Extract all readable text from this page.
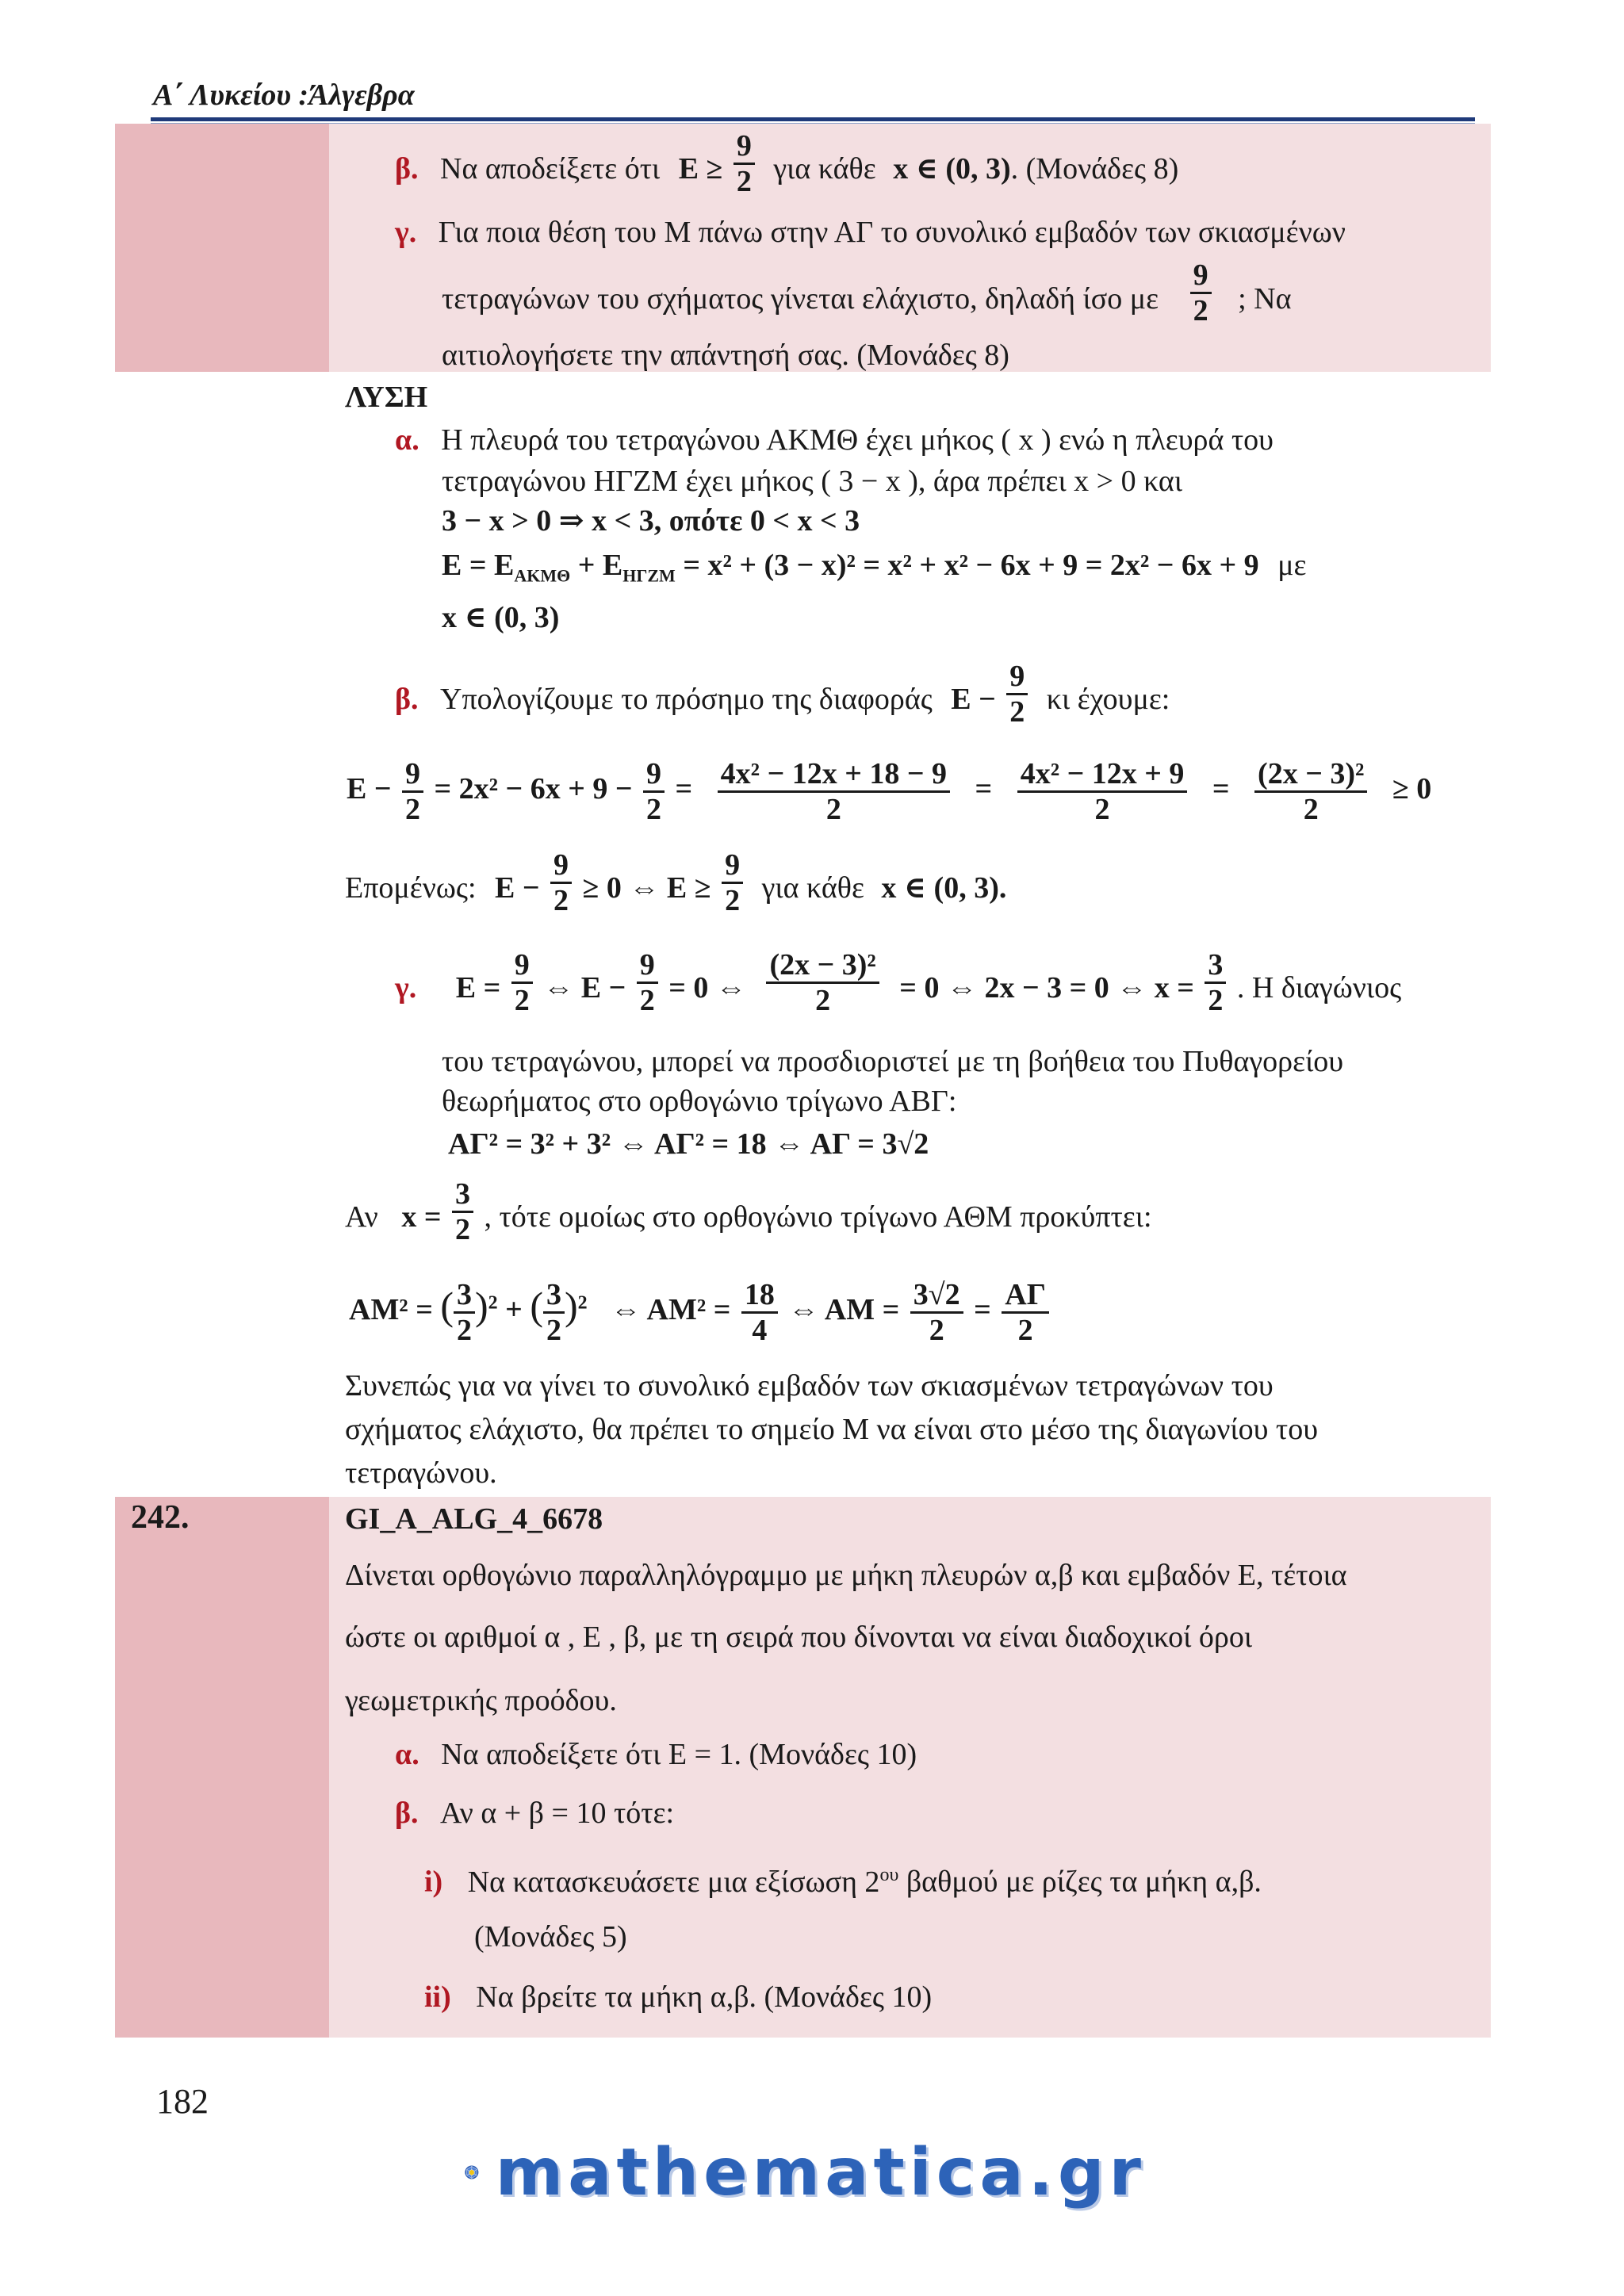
Α΄ Λυκείου :Άλγεβρα
β. Να αποδείξετε ότι $E \ge \frac{9}{2}$ για κάθε x ∈ (0, 3). (Μονάδες 8)
γ. Για ποια θέση του Μ πάνω στην ΑΓ το συνολικό εμβαδόν των σκιασμένων
τετραγώνων του σχήματος γίνεται ελάχιστο, δηλαδή ίσο με $\frac{9}{2}$ ; Να
αιτιολογήσετε την απάντησή σας. (Μονάδες 8)
ΛΥΣΗ
α. Η πλευρά του τετραγώνου ΑΚΜΘ έχει μήκος ( x ) ενώ η πλευρά του
τετραγώνου ΗΓΖΜ έχει μήκος ( 3 − x ), άρα πρέπει x > 0 και
3 − x > 0 ⇒ x < 3, οπότε 0 < x < 3
$E = E_{AKM\Theta} + E_{H\Gamma ZM} = x^2 + (3 - x)^2 = x^2 + x^2 - 6x + 9 = 2x^2 - 6x + 9$ με
x ∈ (0, 3)
β. Υπολογίζουμε το πρόσημο της διαφοράς $E - \frac{9}{2}$ κι έχουμε:
$E - \frac{9}{2} = 2x^2 - 6x + 9 - \frac{9}{2} = \frac{\text{4x² − 12x + 18 − 9}}{2} = \frac{\text{4x² − 12x + 9}}{2} = \frac{\text{(2x − 3)²}}{2} \ge 0$
Επομένως: $E - \frac{9}{2} \ge 0$ ⇔ $E \ge \frac{9}{2}$ για κάθε x ∈ (0, 3).
γ. $E = \frac{9}{2}$ ⇔ $E - \frac{9}{2} = 0$ ⇔ $\frac{\text{(2x − 3)²}}{2} = 0$ ⇔ 2x − 3 = 0 ⇔ $x = \frac{3}{2}$ . Η διαγώνιος
του τετραγώνου, μπορεί να προσδιοριστεί με τη βοήθεια του Πυθαγορείου
θεωρήματος στο ορθογώνιο τρίγωνο ΑΒΓ:
ΑΓ² = 3² + 3² ⇔ ΑΓ² = 18 ⇔ ΑΓ = 3√2
Αν $x = \frac{3}{2}$ , τότε ομοίως στο ορθογώνιο τρίγωνο ΑΘΜ προκύπτει:
ΑΜ² = ( $\frac{3}{2} )^2$ + ( $\frac{3}{2} )^2$ ⇔ $AM^2 = \frac{18}{4}$ ⇔ $AM = \frac{3√2}{2} = \frac{A\Gamma}{2}$
Συνεπώς για να γίνει το συνολικό εμβαδόν των σκιασμένων τετραγώνων του
σχήματος ελάχιστο, θα πρέπει το σημείο Μ να είναι στο μέσο της διαγωνίου του
τετραγώνου.
242.	GI_A_ALG_4_6678
Δίνεται ορθογώνιο παραλληλόγραμμο με μήκη πλευρών α,β και εμβαδόν Ε, τέτοια
ώστε οι αριθμοί α , Ε , β, με τη σειρά που δίνονται να είναι διαδοχικοί όροι
γεωμετρικής προόδου.
α. Να αποδείξετε ότι Ε = 1. (Μονάδες 10)
β. Αν α + β = 10 τότε:
i) Να κατασκευάσετε μια εξίσωση $2^{o\upsilon}$ βαθμού με ρίζες τα μήκη α,β.
(Μονάδες 5)
ii) Να βρείτε τα μήκη α,β. (Μονάδες 10)
182
mathematica.gr
